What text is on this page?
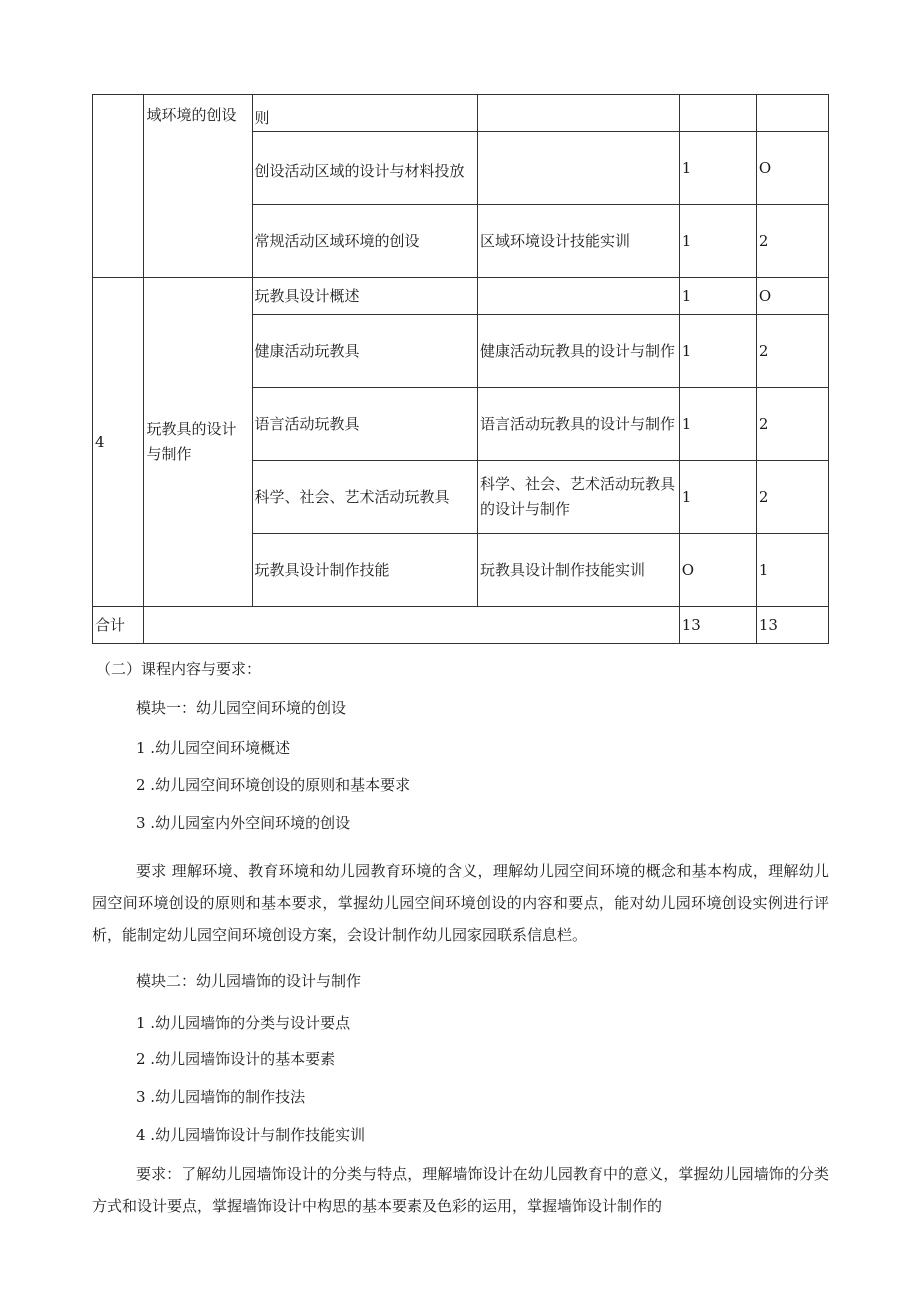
	域环境的创设	则			
		创设活动区域的设计与材料投放		1	O
		常规活动区域环境的创设	区域环境设计技能实训	1	2
4	玩教具的设计与制作	玩教具设计概述		1	O
		健康活动玩教具	健康活动玩教具的设计与制作	1	2
		语言活动玩教具	语言活动玩教具的设计与制作	1	2
		科学、社会、艺术活动玩教具	科学、社会、艺术活动玩教具的设计与制作	1	2
		玩教具设计制作技能	玩教具设计制作技能实训	O	1
合计				13	13
（二）课程内容与要求：
模块一：幼儿园空间环境的创设
1 .幼儿园空间环境概述
2 .幼儿园空间环境创设的原则和基本要求
3 .幼儿园室内外空间环境的创设
要求 理解环境、教育环境和幼儿园教育环境的含义，理解幼儿园空间环境的概念和基本构成，理解幼儿园空间环境创设的原则和基本要求，掌握幼儿园空间环境创设的内容和要点，能对幼儿园环境创设实例进行评析，能制定幼儿园空间环境创设方案，会设计制作幼儿园家园联系信息栏。
模块二：幼儿园墙饰的设计与制作
1 .幼儿园墙饰的分类与设计要点
2 .幼儿园墙饰设计的基本要素
3 .幼儿园墙饰的制作技法
4 .幼儿园墙饰设计与制作技能实训
要求：了解幼儿园墙饰设计的分类与特点，理解墙饰设计在幼儿园教育中的意义，掌握幼儿园墙饰的分类方式和设计要点，掌握墙饰设计中构思的基本要素及色彩的运用，掌握墙饰设计制作的
